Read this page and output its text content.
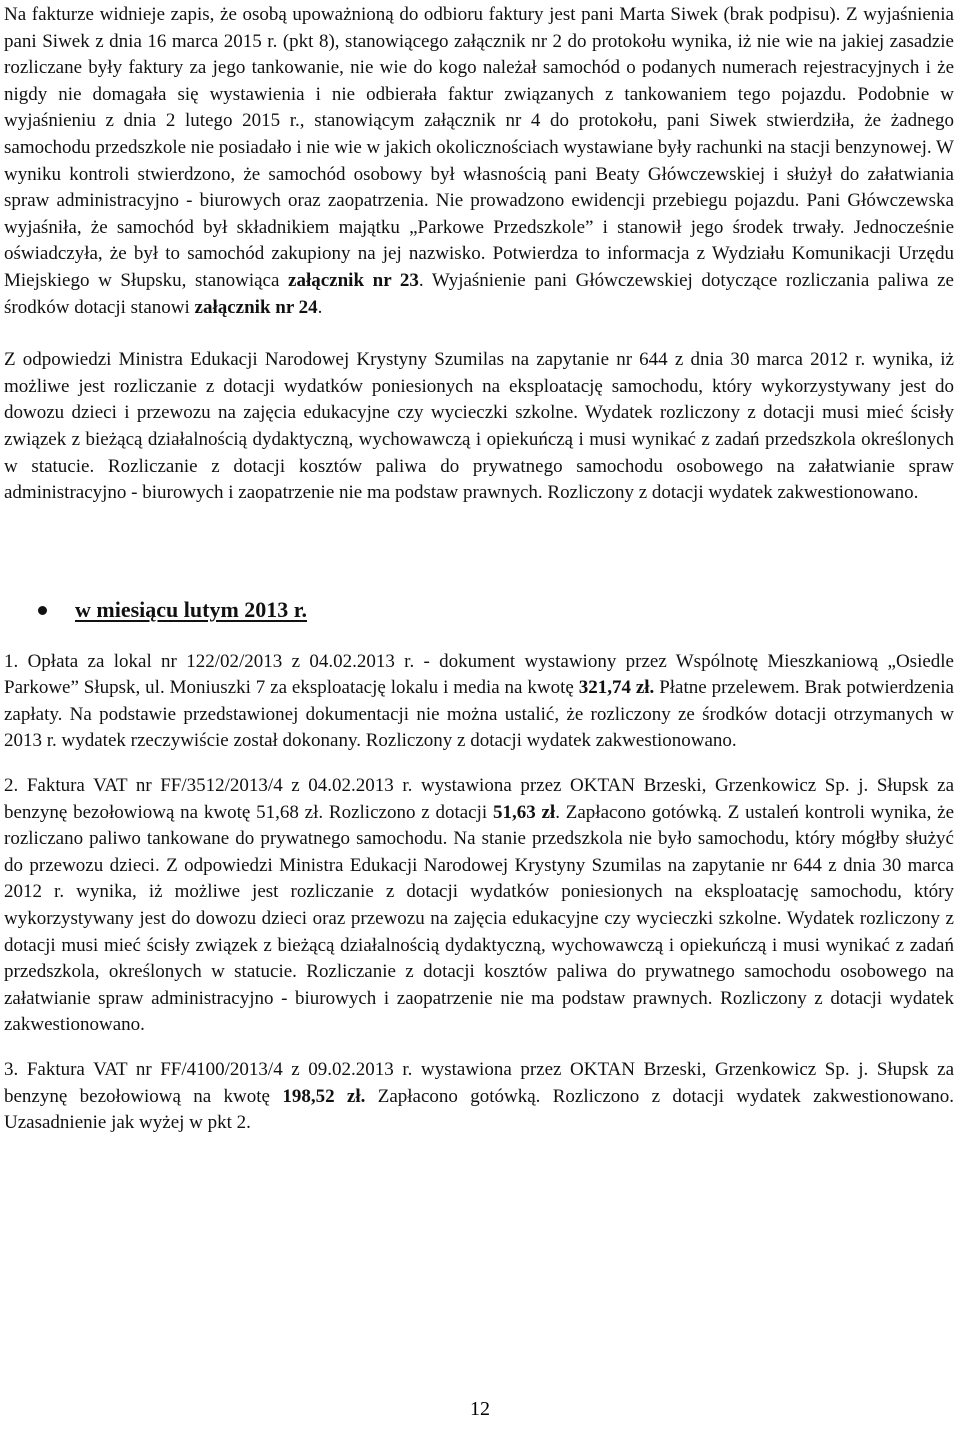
Na fakturze widnieje zapis, że osobą upoważnioną do odbioru faktury jest pani Marta Siwek (brak podpisu). Z wyjaśnienia pani Siwek z dnia 16 marca 2015 r. (pkt 8), stanowiącego załącznik nr 2 do protokołu wynika, iż nie wie na jakiej zasadzie rozliczane były faktury za jego tankowanie, nie wie do kogo należał samochód o podanych numerach rejestracyjnych i że nigdy nie domagała się wystawienia i nie odbierała faktur związanych z tankowaniem tego pojazdu. Podobnie w wyjaśnieniu z dnia 2 lutego 2015 r., stanowiącym załącznik nr 4 do protokołu, pani Siwek stwierdziła, że żadnego samochodu przedszkole nie posiadało i nie wie w jakich okolicznościach wystawiane były rachunki na stacji benzynowej. W wyniku kontroli stwierdzono, że samochód osobowy był własnością pani Beaty Główczewskiej i służył do załatwiania spraw administracyjno - biurowych oraz zaopatrzenia. Nie prowadzono ewidencji przebiegu pojazdu. Pani Główczewska wyjaśniła, że samochód był składnikiem majątku „Parkowe Przedszkole” i stanowił jego środek trwały. Jednocześnie oświadczyła, że był to samochód zakupiony na jej nazwisko. Potwierdza to informacja z Wydziału Komunikacji Urzędu Miejskiego w Słupsku, stanowiąca załącznik nr 23. Wyjaśnienie pani Główczewskiej dotyczące rozliczania paliwa ze środków dotacji stanowi załącznik nr 24.

Z odpowiedzi Ministra Edukacji Narodowej Krystyny Szumilas na zapytanie nr 644 z dnia 30 marca 2012 r. wynika, iż możliwe jest rozliczanie z dotacji wydatków poniesionych na eksploatację samochodu, który wykorzystywany jest do dowozu dzieci i przewozu na zajęcia edukacyjne czy wycieczki szkolne. Wydatek rozliczony z dotacji musi mieć ścisły związek z bieżącą działalnością dydaktyczną, wychowawczą i opiekuńczą i musi wynikać z zadań przedszkola określonych w statucie. Rozliczanie z dotacji kosztów paliwa do prywatnego samochodu osobowego na załatwianie spraw administracyjno - biurowych i zaopatrzenie nie ma podstaw prawnych. Rozliczony z dotacji wydatek zakwestionowano.

w miesiącu lutym 2013 r.

1. Opłata za lokal nr 122/02/2013 z 04.02.2013 r. - dokument wystawiony przez Wspólnotę Mieszkaniową „Osiedle Parkowe” Słupsk, ul. Moniuszki 7 za eksploatację lokalu i media na kwotę 321,74 zł. Płatne przelewem. Brak potwierdzenia zapłaty. Na podstawie przedstawionej dokumentacji nie można ustalić, że rozliczony ze środków dotacji otrzymanych w 2013 r. wydatek rzeczywiście został dokonany. Rozliczony z dotacji wydatek zakwestionowano.

2. Faktura VAT nr FF/3512/2013/4 z 04.02.2013 r. wystawiona przez OKTAN Brzeski, Grzenkowicz Sp. j. Słupsk za benzynę bezołowiową na kwotę 51,68 zł. Rozliczono z dotacji 51,63 zł. Zapłacono gotówką. Z ustaleń kontroli wynika, że rozliczano paliwo tankowane do prywatnego samochodu. Na stanie przedszkola nie było samochodu, który mógłby służyć do przewozu dzieci. Z odpowiedzi Ministra Edukacji Narodowej Krystyny Szumilas na zapytanie nr 644 z dnia 30 marca 2012 r. wynika, iż możliwe jest rozliczanie z dotacji wydatków poniesionych na eksploatację samochodu, który wykorzystywany jest do dowozu dzieci oraz przewozu na zajęcia edukacyjne czy wycieczki szkolne. Wydatek rozliczony z dotacji musi mieć ścisły związek z bieżącą działalnością dydaktyczną, wychowawczą i opiekuńczą i musi wynikać z zadań przedszkola, określonych w statucie. Rozliczanie z dotacji kosztów paliwa do prywatnego samochodu osobowego na załatwianie spraw administracyjno - biurowych i zaopatrzenie nie ma podstaw prawnych. Rozliczony z dotacji wydatek zakwestionowano.

3. Faktura VAT nr FF/4100/2013/4 z 09.02.2013 r. wystawiona przez OKTAN Brzeski, Grzenkowicz Sp. j. Słupsk za benzynę bezołowiową na kwotę 198,52 zł. Zapłacono gotówką. Rozliczono z dotacji wydatek zakwestionowano. Uzasadnienie jak wyżej w pkt 2.

12
